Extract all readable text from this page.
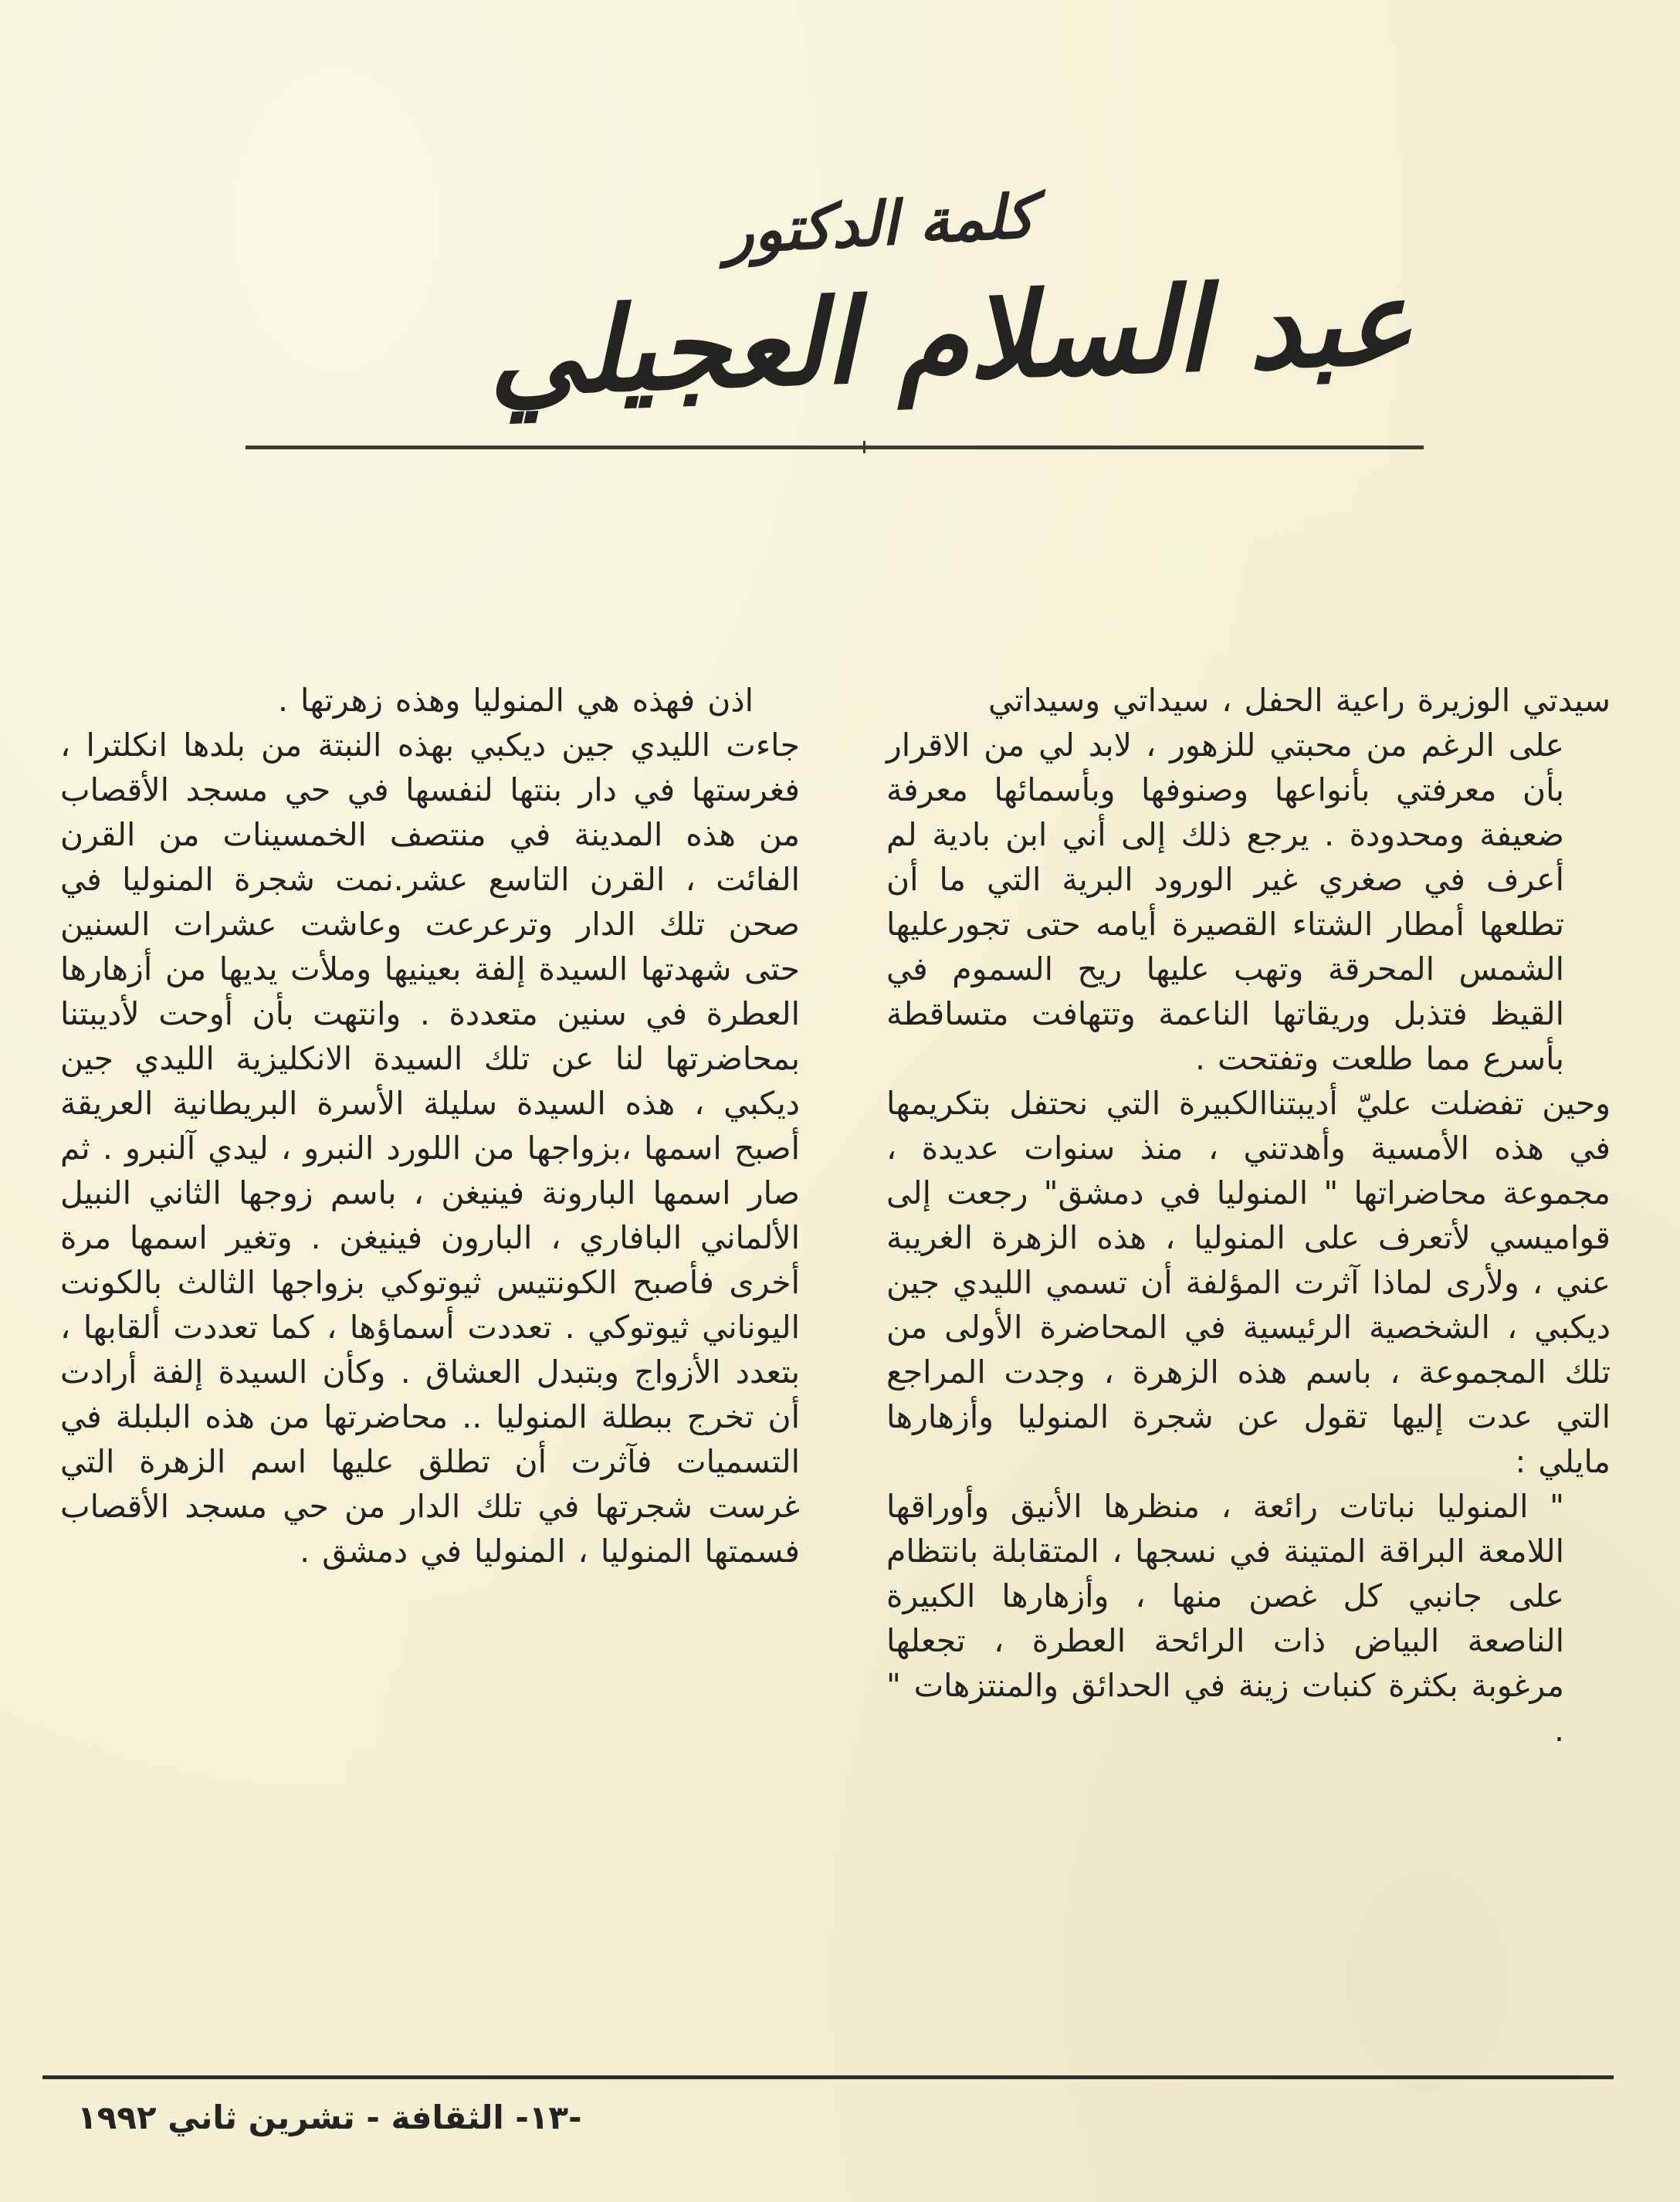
كلمة الدكتور
عبد السلام العجيلي

سيدتي الوزيرة راعية الحفل ، سيداتي وسيداتي

على الرغم من محبتي للزهور ، لابد لي من الاقرار بأن معرفتي بأنواعها وصنوفها وبأسمائها معرفة ضعيفة ومحدودة . يرجع ذلك إلى أني ابن بادية لم أعرف في صغري غير الورود البرية التي ما أن تطلعها أمطار الشتاء القصيرة أيامه حتى تجورعليها الشمس المحرقة وتهب عليها ريح السموم في القيظ فتذبل وريقاتها الناعمة وتتهافت متساقطة بأسرع مما طلعت وتفتحت .

وحين تفضلت عليّ أديبتناالكبيرة التي نحتفل بتكريمها في هذه الأمسية وأهدتني ، منذ سنوات عديدة ، مجموعة محاضراتها " المنوليا في دمشق" رجعت إلى قواميسي لأتعرف على المنوليا ، هذه الزهرة الغريبة عني ، ولأرى لماذا آثرت المؤلفة أن تسمي الليدي جين ديكبي ، الشخصية الرئيسية في المحاضرة الأولى من تلك المجموعة ، باسم هذه الزهرة ، وجدت المراجع التي عدت إليها تقول عن شجرة المنوليا وأزهارها مايلي :

" المنوليا نباتات رائعة ، منظرها الأنيق وأوراقها اللامعة البراقة المتينة في نسجها ، المتقابلة بانتظام على جانبي كل غصن منها ، وأزهارها الكبيرة الناصعة البياض ذات الرائحة العطرة ، تجعلها مرغوبة بكثرة كنبات زينة في الحدائق والمنتزهات " .

اذن فهذه هي المنوليا وهذه زهرتها .

جاءت الليدي جين ديكبي بهذه النبتة من بلدها انكلترا ، فغرستها في دار بنتها لنفسها في حي مسجد الأقصاب من هذه المدينة في منتصف الخمسينات من القرن الفائت ، القرن التاسع عشر.نمت شجرة المنوليا في صحن تلك الدار وترعرعت وعاشت عشرات السنين حتى شهدتها السيدة إلفة بعينيها وملأت يديها من أزهارها العطرة في سنين متعددة . وانتهت بأن أوحت لأديبتنا بمحاضرتها لنا عن تلك السيدة الانكليزية الليدي جين ديكبي ، هذه السيدة سليلة الأسرة البريطانية العريقة أصبح اسمها ،بزواجها من اللورد النبرو ، ليدي آلنبرو . ثم صار اسمها البارونة فينيغن ، باسم زوجها الثاني النبيل الألماني البافاري ، البارون فينيغن . وتغير اسمها مرة أخرى فأصبح الكونتيس ثيوتوكي بزواجها الثالث بالكونت اليوناني ثيوتوكي . تعددت أسماؤها ، كما تعددت ألقابها ، بتعدد الأزواج وبتبدل العشاق . وكأن السيدة إلفة أرادت أن تخرج ببطلة المنوليا .. محاضرتها من هذه البلبلة في التسميات فآثرت أن تطلق عليها اسم الزهرة التي غرست شجرتها في تلك الدار من حي مسجد الأقصاب فسمتها المنوليا ، المنوليا في دمشق .

-١٣- الثقافة - تشرين ثاني ١٩٩٢
